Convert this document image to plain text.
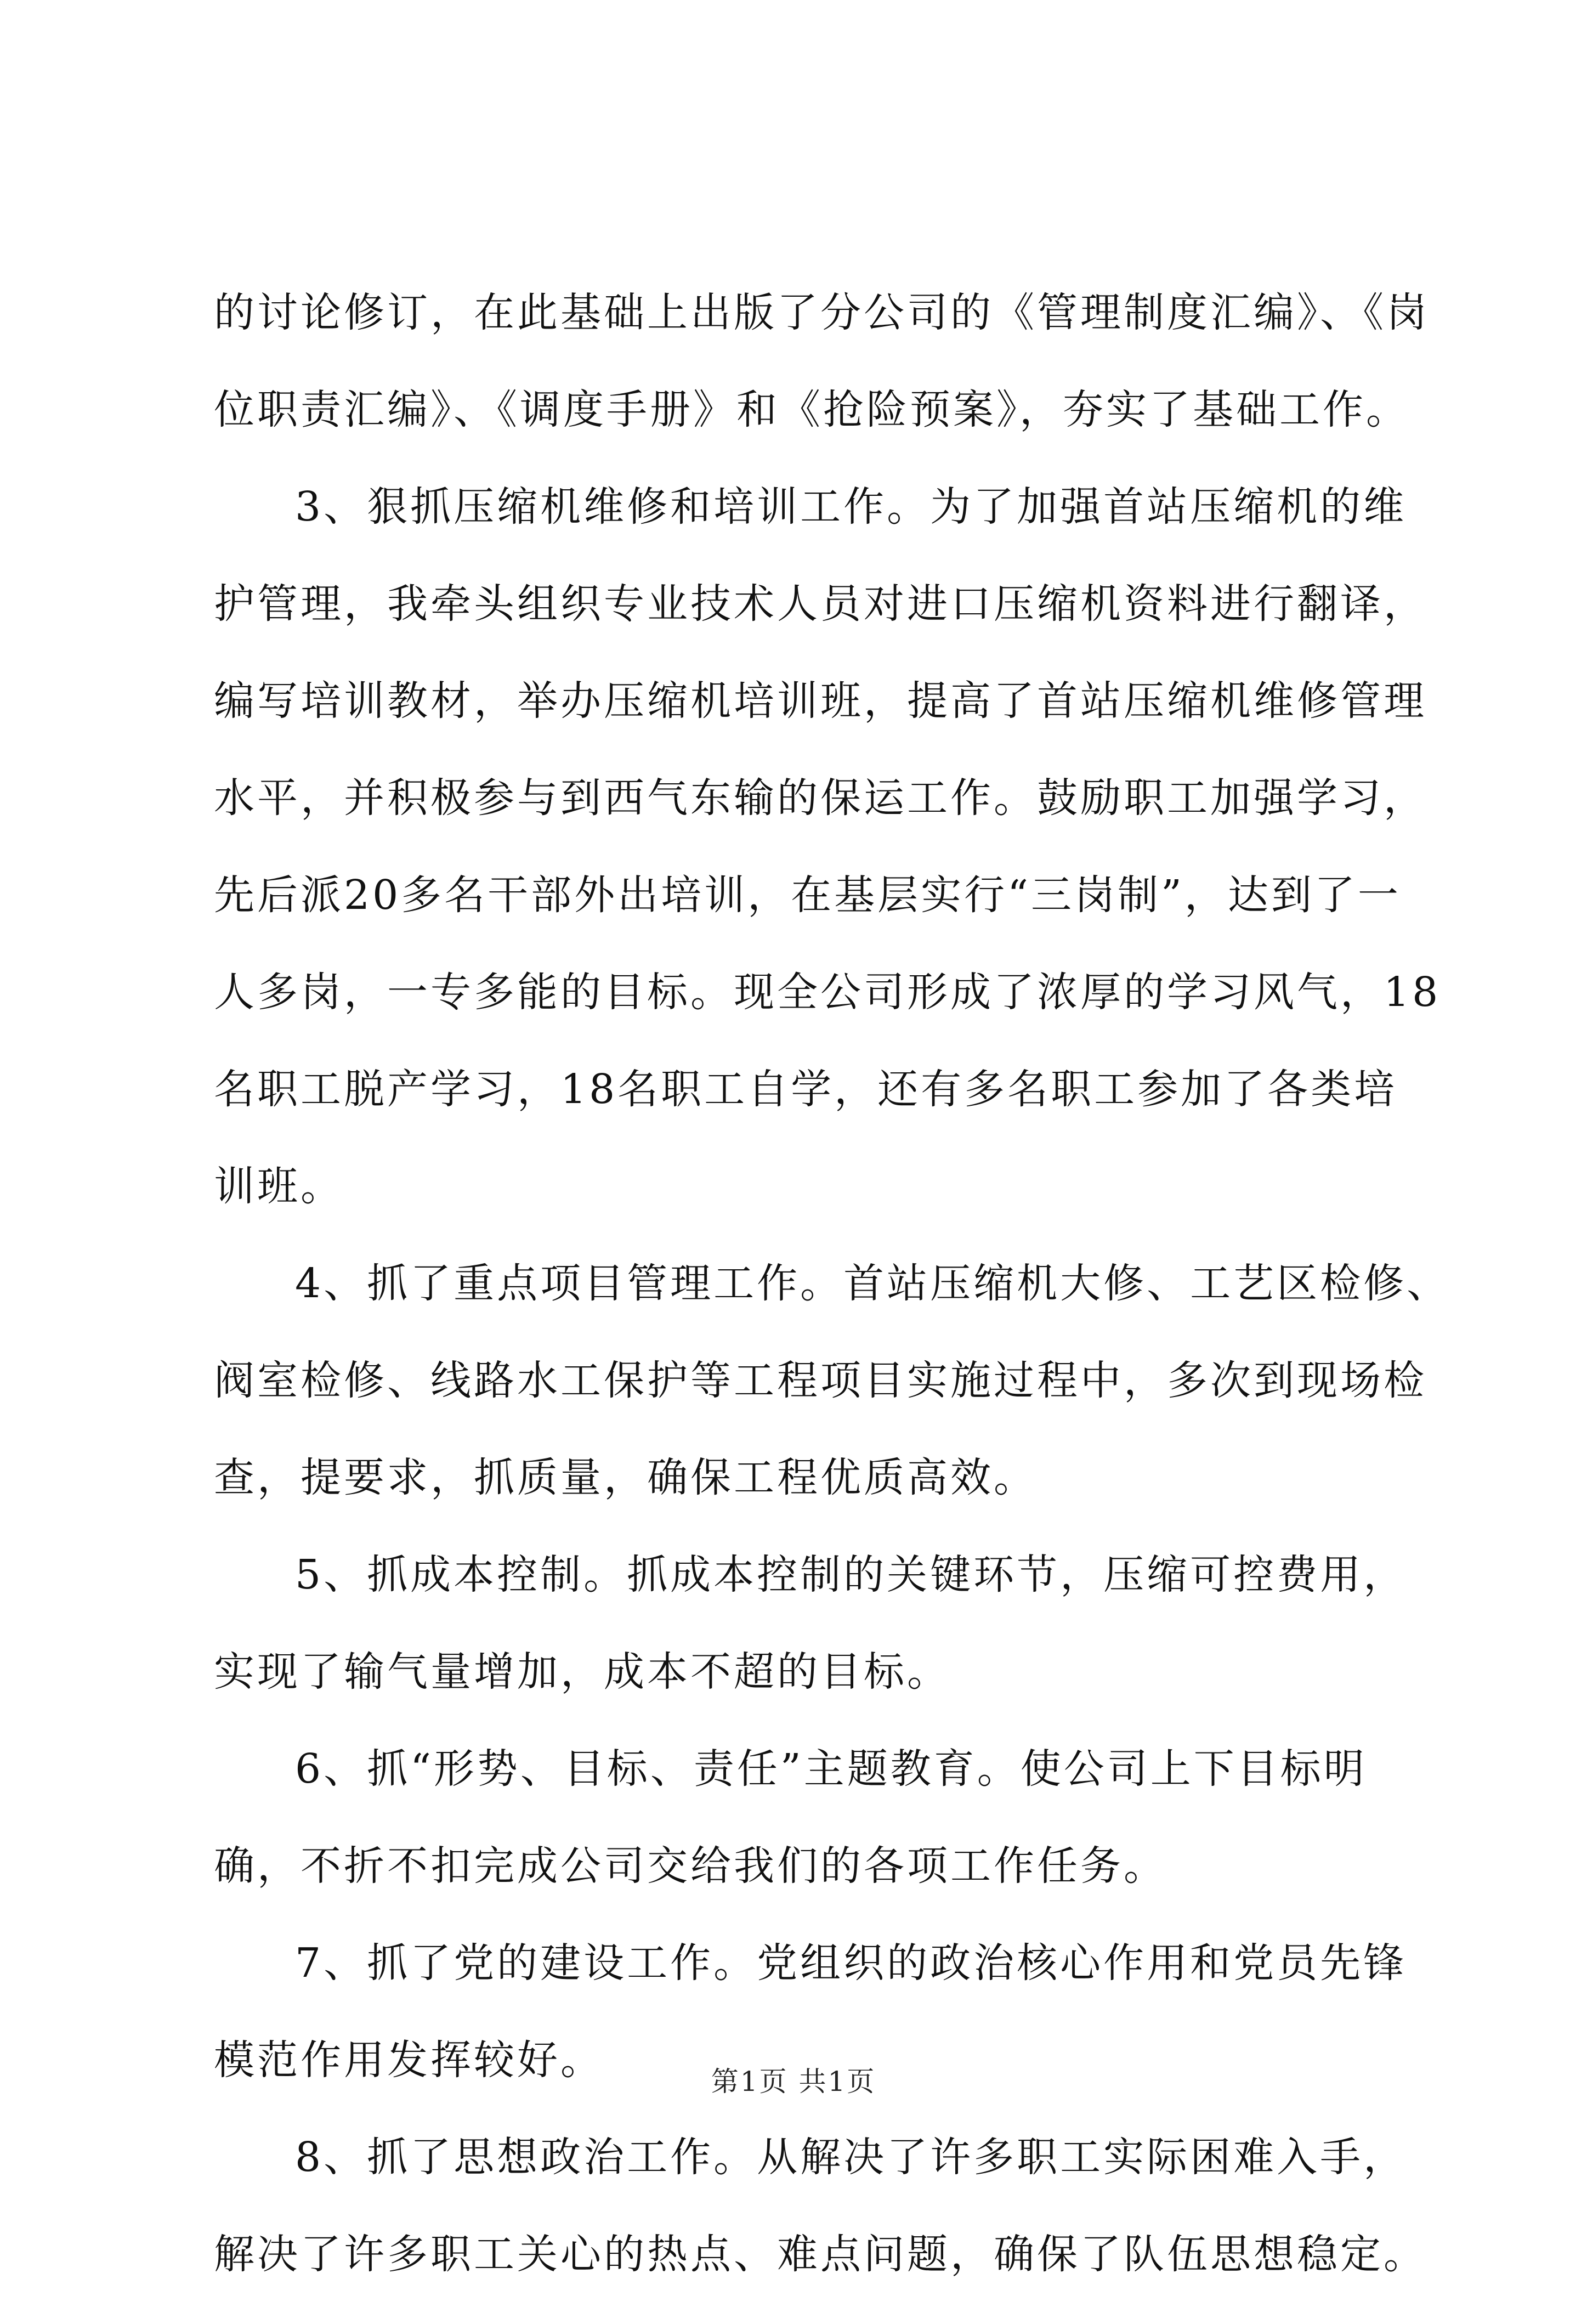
的讨论修订，在此基础上出版了分公司的《管理制度汇编》、《岗
位职责汇编》、《调度手册》和《抢险预案》，夯实了基础工作。
3、狠抓压缩机维修和培训工作。为了加强首站压缩机的维
护管理，我牵头组织专业技术人员对进口压缩机资料进行翻译，
编写培训教材，举办压缩机培训班，提高了首站压缩机维修管理
水平，并积极参与到西气东输的保运工作。鼓励职工加强学习，
先后派20多名干部外出培训，在基层实行“三岗制”，达到了一
人多岗，一专多能的目标。现全公司形成了浓厚的学习风气，18
名职工脱产学习，18名职工自学，还有多名职工参加了各类培
训班。
4、抓了重点项目管理工作。首站压缩机大修、工艺区检修、
阀室检修、线路水工保护等工程项目实施过程中，多次到现场检
查，提要求，抓质量，确保工程优质高效。
5、抓成本控制。抓成本控制的关键环节，压缩可控费用，
实现了输气量增加，成本不超的目标。
6、抓“形势、目标、责任”主题教育。使公司上下目标明
确，不折不扣完成公司交给我们的各项工作任务。
7、抓了党的建设工作。党组织的政治核心作用和党员先锋
模范作用发挥较好。
8、抓了思想政治工作。从解决了许多职工实际困难入手，
解决了许多职工关心的热点、难点问题，确保了队伍思想稳定。
第1页 共1页
